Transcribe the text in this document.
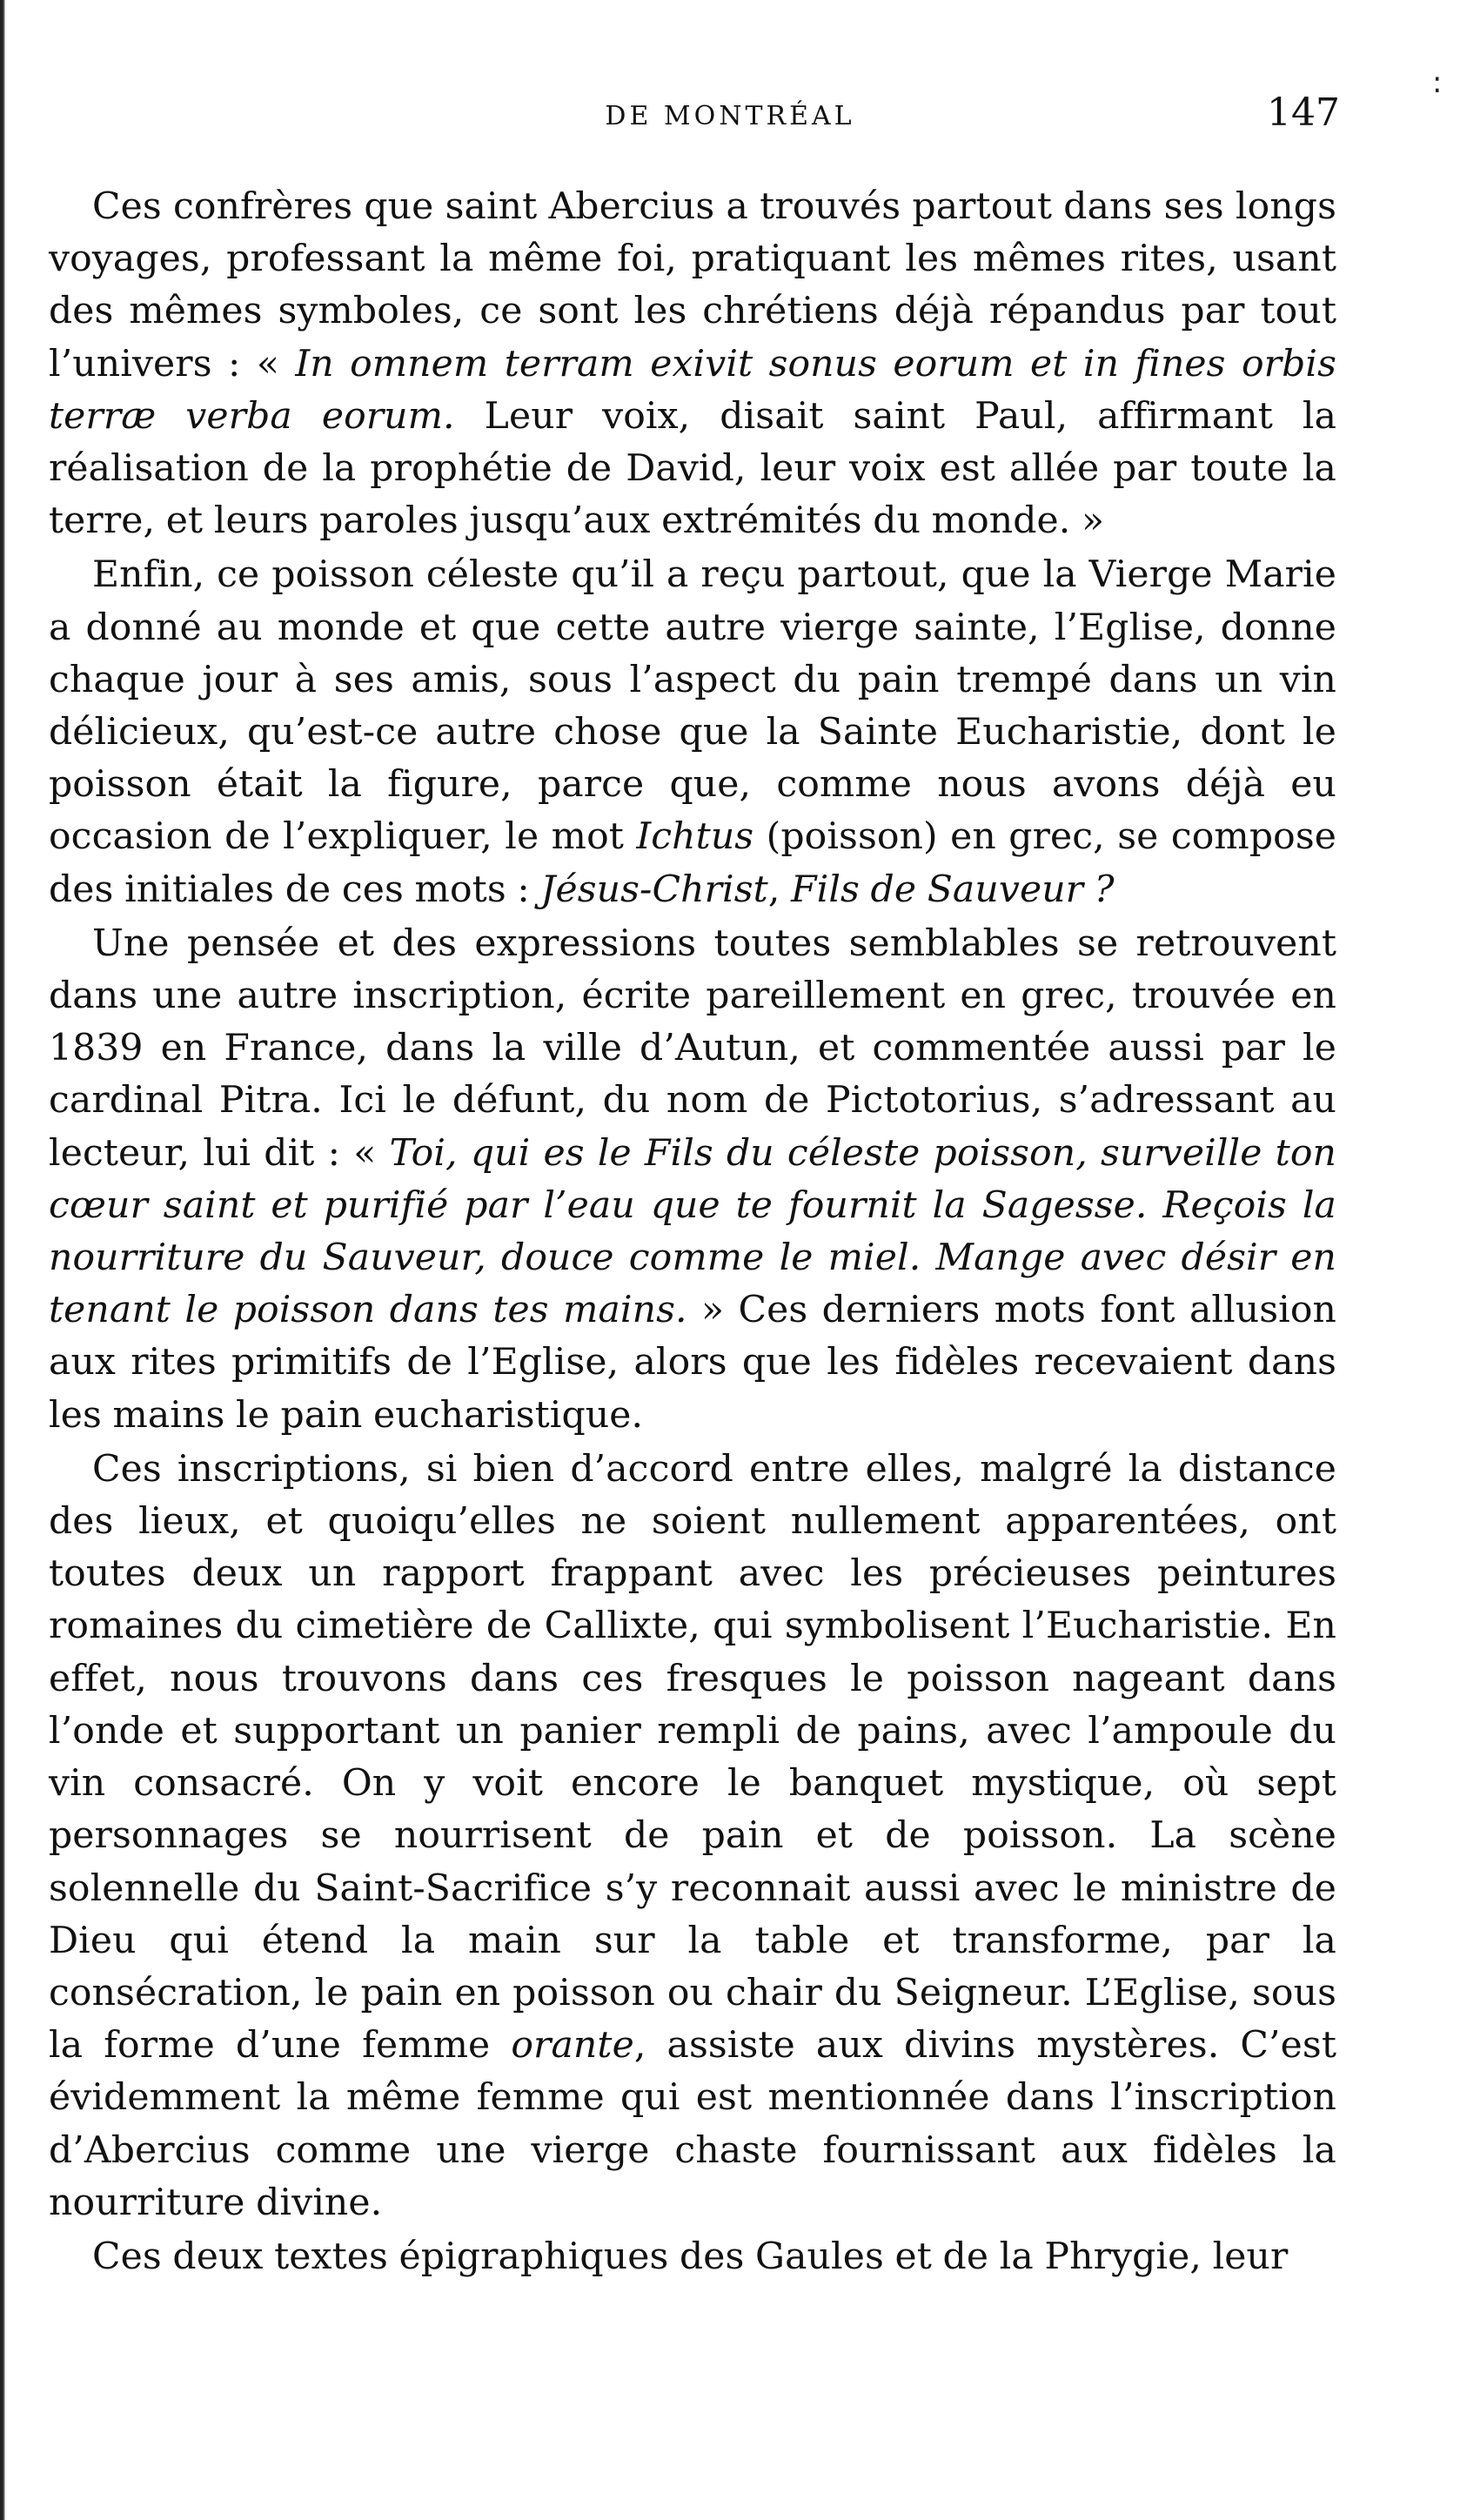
:
DE MONTRÉAL	147

Ces confrères que saint Abercius a trouvés partout dans ses longs voyages, professant la même foi, pratiquant les mêmes rites, usant des mêmes symboles, ce sont les chrétiens déjà répandus par tout l’univers : « In omnem terram exivit sonus eorum et in fines orbis terræ verba eorum. Leur voix, disait saint Paul, affirmant la réalisation de la prophétie de David, leur voix est allée par toute la terre, et leurs paroles jusqu’aux extrémités du monde. »

Enfin, ce poisson céleste qu’il a reçu partout, que la Vierge Marie a donné au monde et que cette autre vierge sainte, l’Eglise, donne chaque jour à ses amis, sous l’aspect du pain trempé dans un vin délicieux, qu’est-ce autre chose que la Sainte Eucharistie, dont le poisson était la figure, parce que, comme nous avons déjà eu occasion de l’expliquer, le mot Ichtus (poisson) en grec, se compose des initiales de ces mots : Jésus-Christ, Fils de Sauveur ?

Une pensée et des expressions toutes semblables se retrouvent dans une autre inscription, écrite pareillement en grec, trouvée en 1839 en France, dans la ville d’Autun, et commentée aussi par le cardinal Pitra. Ici le défunt, du nom de Pictotorius, s’adressant au lecteur, lui dit : « Toi, qui es le Fils du céleste poisson, surveille ton cœur saint et purifié par l’eau que te fournit la Sagesse. Reçois la nourriture du Sauveur, douce comme le miel. Mange avec désir en tenant le poisson dans tes mains. » Ces derniers mots font allusion aux rites primitifs de l’Eglise, alors que les fidèles recevaient dans les mains le pain eucharistique.

Ces inscriptions, si bien d’accord entre elles, malgré la distance des lieux, et quoiqu’elles ne soient nullement apparentées, ont toutes deux un rapport frappant avec les précieuses peintures romaines du cimetière de Callixte, qui symbolisent l’Eucharistie. En effet, nous trouvons dans ces fresques le poisson nageant dans l’onde et supportant un panier rempli de pains, avec l’ampoule du vin consacré. On y voit encore le banquet mystique, où sept personnages se nourrisent de pain et de poisson. La scène solennelle du Saint-Sacrifice s’y reconnait aussi avec le ministre de Dieu qui étend la main sur la table et transforme, par la consécration, le pain en poisson ou chair du Seigneur. L’Eglise, sous la forme d’une femme orante, assiste aux divins mystères. C’est évidemment la même femme qui est mentionnée dans l’inscription d’Abercius comme une vierge chaste fournissant aux fidèles la nourriture divine.

Ces deux textes épigraphiques des Gaules et de la Phrygie, leur
